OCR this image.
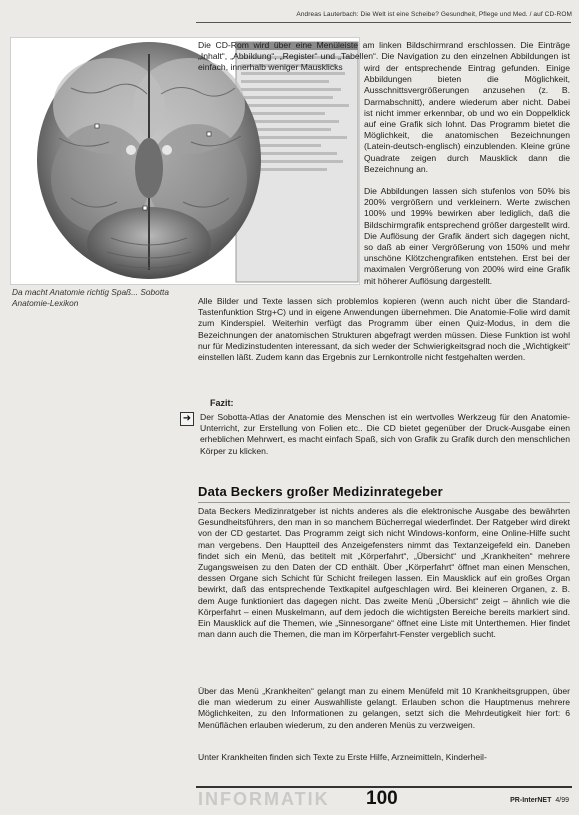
Andreas Lauterbach: Die Welt ist eine Scheibe? Gesundheit, Pflege und Med. / auf CD-ROM
Da macht Anatomie richtig Spaß... Sobotta Anatomie-Lexikon
Die CD-Rom wird über eine Menüleiste am linken Bildschirmrand erschlossen. Die Einträge „Inhalt“, „Abbildung“, „Register“ und „Tabellen“. Die Navigation zu den einzelnen Abbildungen ist einfach, innerhalb weniger Mausklicks	wird der entsprechende Eintrag gefunden. Einige Abbildungen bieten die Möglichkeit, Ausschnittsvergrößerungen anzusehen (z. B. Darmabschnitt), andere wiederum aber nicht. Dabei ist nicht immer erkennbar, ob und wo ein Doppelklick auf eine Grafik sich lohnt. Das Programm bietet die Möglichkeit, die anatomischen Bezeichnungen (Latein-deutsch-englisch) einzublenden. Kleine grüne Quadrate zeigen durch Mausklick dann die Bezeichnung an.
Die Abbildungen lassen sich stufenlos von 50% bis 200% vergrößern und verkleinern. Werte zwischen 100% und 199% bewirken aber lediglich, daß die Bildschirmgrafik entsprechend größer dargestellt wird. Die Auflösung der Grafik ändert sich dagegen nicht, so daß ab einer Vergrößerung von 150% und mehr unschöne Klötzchengrafiken entstehen. Erst bei der maximalen Vergrößerung von 200% wird eine Grafik mit höherer Auflösung dargestellt.
Alle Bilder und Texte lassen sich problemlos kopieren (wenn auch nicht über die Standard-Tastenfunktion Strg+C) und in eigene Anwendungen übernehmen. Die Anatomie-Folie wird damit zum Kinderspiel. Weiterhin verfügt das Programm über einen Quiz-Modus, in dem die Bezeichnungen der anatomischen Strukturen abgefragt werden müssen. Diese Funktion ist wohl nur für Medizinstudenten interessant, da sich weder der Schwierigkeitsgrad noch die „Wichtigkeit“ einstellen läßt. Zudem kann das Ergebnis zur Lernkontrolle nicht festgehalten werden.
Fazit:
➜	Der Sobotta-Atlas der Anatomie des Menschen ist ein wertvolles Werkzeug für den Anatomie-Unterricht, zur Erstellung von Folien etc.. Die CD bietet gegenüber der Druck-Ausgabe einen erheblichen Mehrwert, es macht einfach Spaß, sich von Grafik zu Grafik durch den menschlichen Körper zu klicken.
Data Beckers großer Medizinrategeber
Data Beckers Medizinratgeber ist nichts anderes als die elektronische Ausgabe des bewährten Gesundheitsführers, den man in so manchem Bücherregal wiederfindet. Der Ratgeber wird direkt von der CD gestartet. Das Programm zeigt sich nicht Windows-konform, eine Online-Hilfe sucht man vergebens. Den Hauptteil des Anzeigefensters nimmt das Textanzeigefeld ein. Daneben findet sich ein Menü, das betitelt mit „Körperfahrt“, „Übersicht“ und „Krankheiten“ mehrere Zugangsweisen zu den Daten der CD enthält. Über „Körperfahrt“ öffnet man einen Menschen, dessen Organe sich Schicht für Schicht freilegen lassen. Ein Mausklick auf ein großes Organ bewirkt, daß das entsprechende Textkapitel aufgeschlagen wird. Bei kleineren Organen, z. B. dem Auge funktioniert das dagegen nicht. Das zweite Menü „Übersicht“ zeigt – ähnlich wie die Körperfahrt – einen Muskelmann, auf dem jedoch die wichtigsten Bereiche bereits markiert sind. Ein Mausklick auf die Themen, wie „Sinnesorgane“ öffnet eine Liste mit Unterthemen. Hier findet man dann auch die Themen, die man im Körperfahrt-Fenster vergeblich sucht.
Über das Menü „Krankheiten“ gelangt man zu einem Menüfeld mit 10 Krankheitsgruppen, über die man wiederum zu einer Auswahlliste gelangt. Erlauben schon die Hauptmenus mehrere Möglichkeiten, zu den Informationen zu gelangen, setzt sich die Mehrdeutigkeit hier fort: 6 Menüflächen erlauben wiederum, zu den anderen Menüs zu verzweigen.
Unter Krankheiten finden sich Texte zu Erste Hilfe, Arzneimitteln, Kinderheil-
INFORMATIK 100	PR-InterNET 4/99
